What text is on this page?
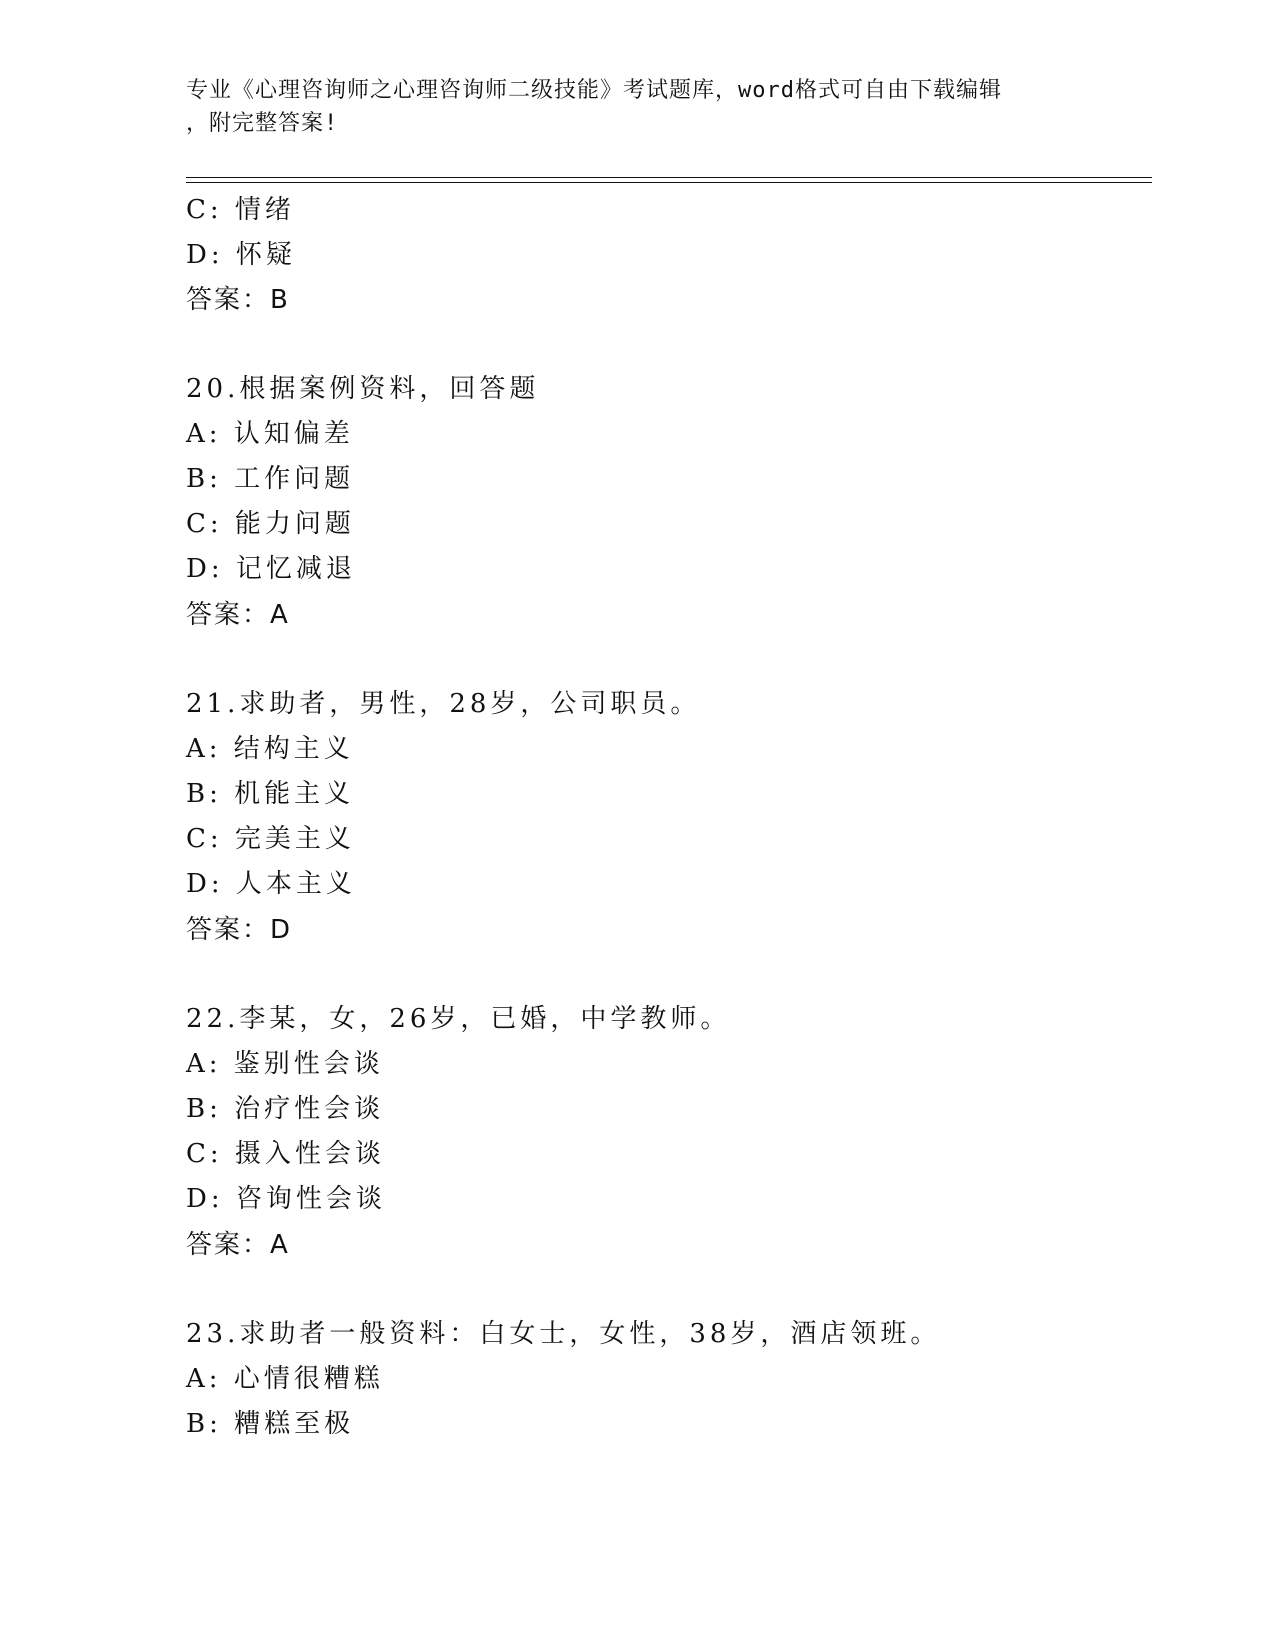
专业《心理咨询师之心理咨询师二级技能》考试题库，word格式可自由下载编辑
，附完整答案!
C: 情绪
D: 怀疑
答案：B
20.根据案例资料，回答题
A: 认知偏差
B: 工作问题
C: 能力问题
D: 记忆减退
答案：A
21.求助者，男性，28岁，公司职员。
A: 结构主义
B: 机能主义
C: 完美主义
D: 人本主义
答案：D
22.李某，女，26岁，已婚，中学教师。
A: 鉴别性会谈
B: 治疗性会谈
C: 摄入性会谈
D: 咨询性会谈
答案：A
23.求助者一般资料：白女士，女性，38岁，酒店领班。
A: 心情很糟糕
B: 糟糕至极
